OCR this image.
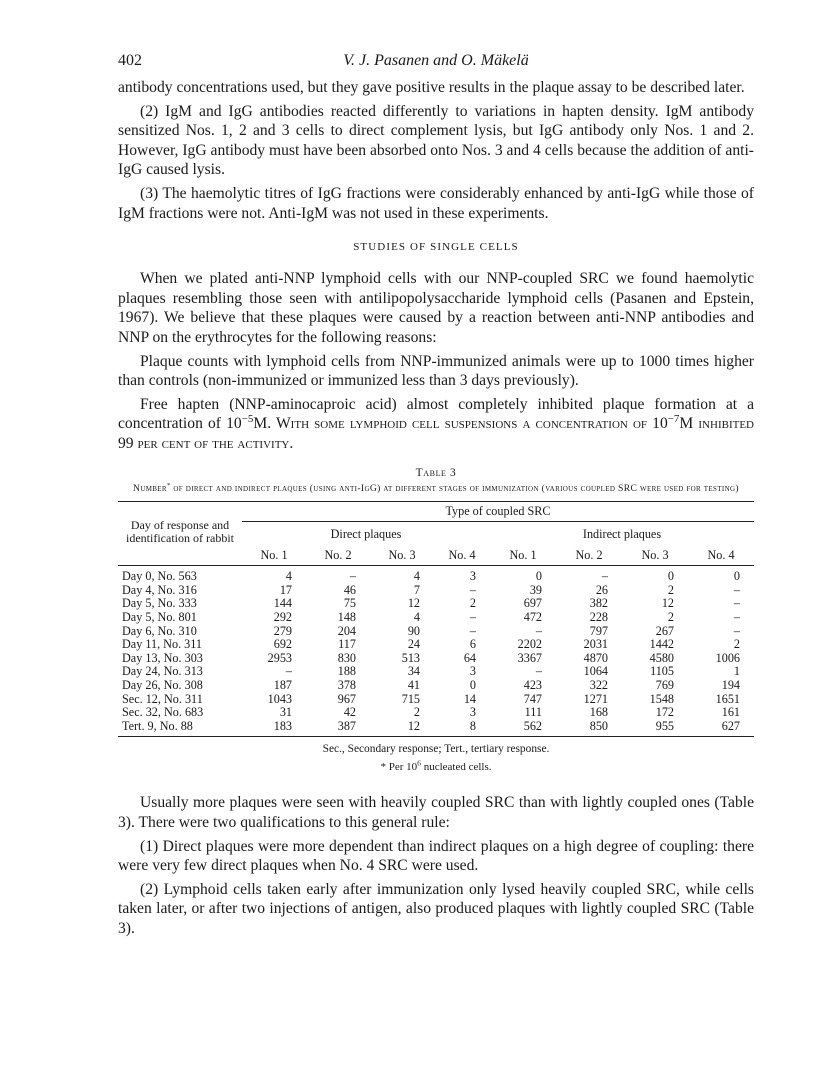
402	V. J. Pasanen and O. Mäkelä

antibody concentrations used, but they gave positive results in the plaque assay to be described later.

(2) IgM and IgG antibodies reacted differently to variations in hapten density. IgM antibody sensitized Nos. 1, 2 and 3 cells to direct complement lysis, but IgG antibody only Nos. 1 and 2. However, IgG antibody must have been absorbed onto Nos. 3 and 4 cells because the addition of anti-IgG caused lysis.

(3) The haemolytic titres of IgG fractions were considerably enhanced by anti-IgG while those of IgM fractions were not. Anti-IgM was not used in these experiments.

STUDIES OF SINGLE CELLS

When we plated anti-NNP lymphoid cells with our NNP-coupled SRC we found haemolytic plaques resembling those seen with antilipopolysaccharide lymphoid cells (Pasanen and Epstein, 1967). We believe that these plaques were caused by a reaction between anti-NNP antibodies and NNP on the erythrocytes for the following reasons:

Plaque counts with lymphoid cells from NNP-immunized animals were up to 1000 times higher than controls (non-immunized or immunized less than 3 days previously).

Free hapten (NNP-aminocaproic acid) almost completely inhibited plaque formation at a concentration of $10^{-5}M$. With some lymphoid cell suspensions a concentration of $10^{-7}M$ inhibited 99 per cent of the activity.

Table 3
Number* of direct and indirect plaques (using anti-IgG) at different stages of immunization (various coupled SRC were used for testing)
Day of response and identification of rabbit	Type of coupled SRC							
	Direct plaques				Indirect plaques			
	No. 1	No. 2	No. 3	No. 4	No. 1	No. 2	No. 3	No. 4
Day 0, No. 563	4	–	4	3	0	–	0	0
Day 4, No. 316	17	46	7	–	39	26	2	–
Day 5, No. 333	144	75	12	2	697	382	12	–
Day 5, No. 801	292	148	4	–	472	228	2	–
Day 6, No. 310	279	204	90	–	–	797	267	–
Day 11, No. 311	692	117	24	6	2202	2031	1442	2
Day 13, No. 303	2953	830	513	64	3367	4870	4580	1006
Day 24, No. 313	–	188	34	3	–	1064	1105	1
Day 26, No. 308	187	378	41	0	423	322	769	194
Sec. 12, No. 311	1043	967	715	14	747	1271	1548	1651
Sec. 32, No. 683	31	42	2	3	111	168	172	161
Tert. 9, No. 88	183	387	12	8	562	850	955	627
Sec., Secondary response; Tert., tertiary response.
* Per $10^6$ nucleated cells.

Usually more plaques were seen with heavily coupled SRC than with lightly coupled ones (Table 3). There were two qualifications to this general rule:

(1) Direct plaques were more dependent than indirect plaques on a high degree of coupling: there were very few direct plaques when No. 4 SRC were used.

(2) Lymphoid cells taken early after immunization only lysed heavily coupled SRC, while cells taken later, or after two injections of antigen, also produced plaques with lightly coupled SRC (Table 3).
